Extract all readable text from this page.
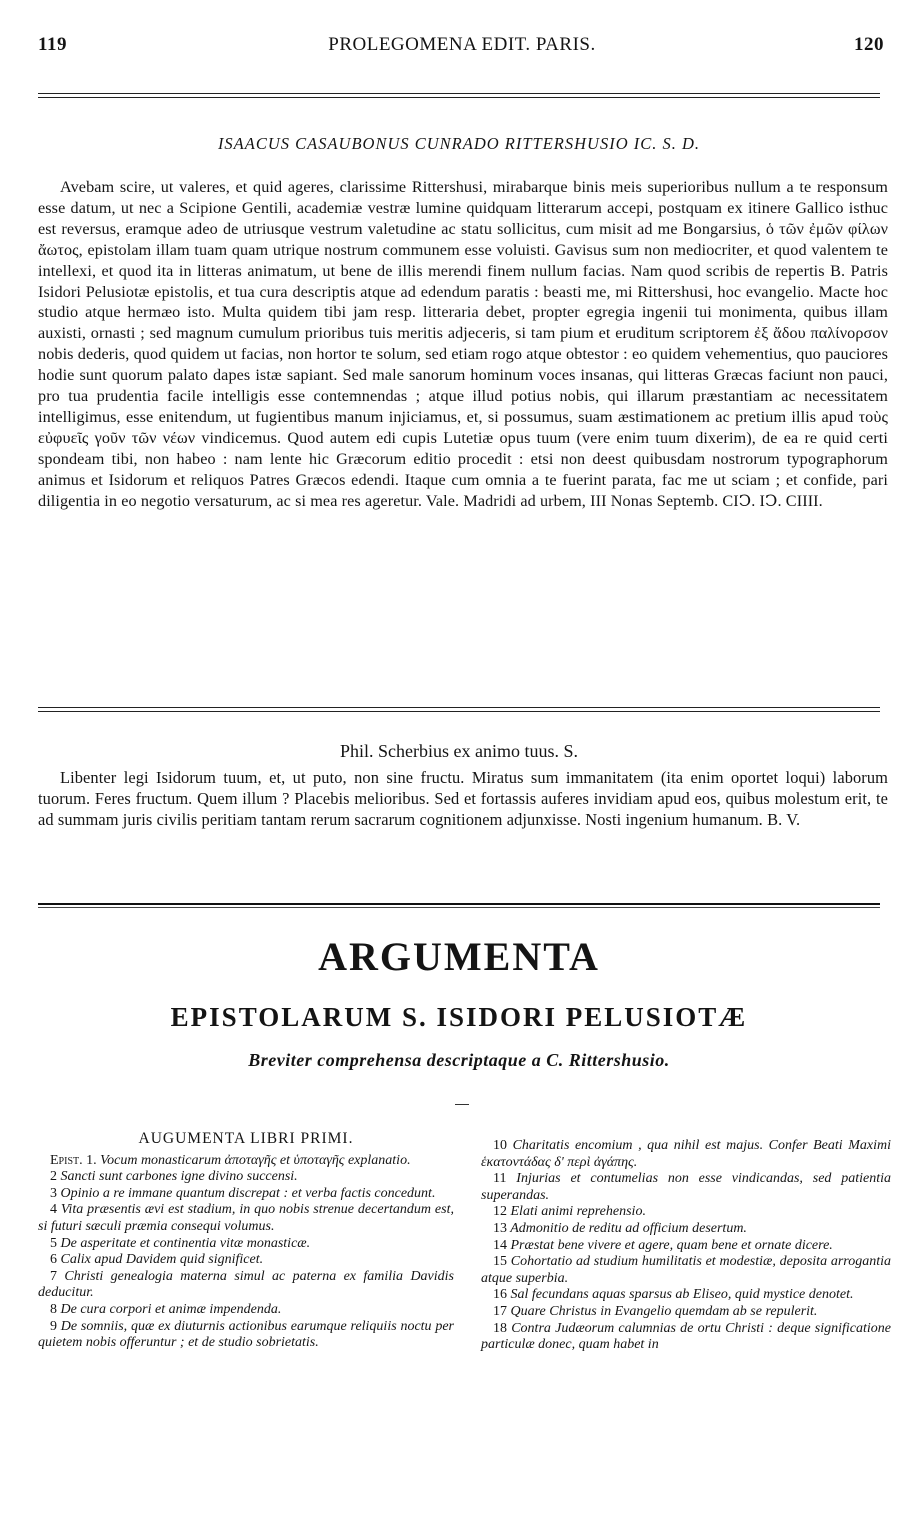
119	PROLEGOMENA EDIT. PARIS.	120
ISAACUS CASAUBONUS CUNRADO RITTERSHUSIO IC. S. D.

Avebam scire, ut valeres, et quid ageres, clarissime Rittershusi, mirabarque binis meis superioribus nullum a te responsum esse datum, ut nec a Scipione Gentili, academiæ vestræ lumine quidquam litterarum accepi, postquam ex itinere Gallico isthuc est reversus, eramque adeo de utriusque vestrum valetudine ac statu sollicitus, cum misit ad me Bongarsius, ὁ τῶν ἐμῶν φίλων ἄωτος, epistolam illam tuam quam utrique nostrum communem esse voluisti. Gavisus sum non mediocriter, et quod valentem te intellexi, et quod ita in litteras animatum, ut bene de illis merendi finem nullum facias. Nam quod scribis de repertis B. Patris Isidori Pelusiotæ epistolis, et tua cura descriptis atque ad edendum paratis : beasti me, mi Rittershusi, hoc evangelio. Macte hoc studio atque hermæo isto. Multa quidem tibi jam resp. litteraria debet, propter egregia ingenii tui monimenta, quibus illam auxisti, ornasti ; sed magnum cumulum prioribus tuis meritis adjeceris, si tam pium et eruditum scriptorem ἐξ ἄδου παλίνορσον nobis dederis, quod quidem ut facias, non hortor te solum, sed etiam rogo atque obtestor : eo quidem vehementius, quo pauciores hodie sunt quorum palato dapes istæ sapiant. Sed male sanorum hominum voces insanas, qui litteras Græcas faciunt non pauci, pro tua prudentia facile intelligis esse contemnendas ; atque illud potius nobis, qui illarum præstantiam ac necessitatem intelligimus, esse enitendum, ut fugientibus manum injiciamus, et, si possumus, suam æstimationem ac pretium illis apud τοὺς εὐφυεῖς γοῦν τῶν νέων vindicemus. Quod autem edi cupis Lutetiæ opus tuum (vere enim tuum dixerim), de ea re quid certi spondeam tibi, non habeo : nam lente hic Græcorum editio procedit : etsi non deest quibusdam nostrorum typographorum animus et Isidorum et reliquos Patres Græcos edendi. Itaque cum omnia a te fuerint parata, fac me ut sciam ; et confide, pari diligentia in eo negotio versaturum, ac si mea res ageretur. Vale. Madridi ad urbem, III Nonas Septemb. CIↃ. IↃ. CIIII.

Phil. Scherbius ex animo tuus. S.

Libenter legi Isidorum tuum, et, ut puto, non sine fructu. Miratus sum immanitatem (ita enim oportet loqui) laborum tuorum. Feres fructum. Quem illum ? Placebis melioribus. Sed et fortassis auferes invidiam apud eos, quibus molestum erit, te ad summam juris civilis peritiam tantam rerum sacrarum cognitionem adjunxisse. Nosti ingenium humanum. B. V.

ARGUMENTA
EPISTOLARUM S. ISIDORI PELUSIOTÆ
Breviter comprehensa descriptaque a C. Rittershusio.
AUGUMENTA LIBRI PRIMI.
Epist. 1. Vocum monasticarum ἀποταγῆς et ὑποταγῆς explanatio.
2 Sancti sunt carbones igne divino succensi.
3 Opinio a re immane quantum discrepat : et verba factis concedunt.
4 Vita præsentis ævi est stadium, in quo nobis strenue decertandum est, si futuri sæculi præmia consequi volumus.
5 De asperitate et continentia vitæ monasticæ.
6 Calix apud Davidem quid significet.
7 Christi genealogia materna simul ac paterna ex familia Davidis deducitur.
8 De cura corpori et animæ impendenda.
9 De somniis, quæ ex diuturnis actionibus earumque reliquiis noctu per quietem nobis offeruntur ; et de studio sobrietatis.
10 Charitatis encomium , qua nihil est majus. Confer Beati Maximi ἑκατοντάδας δ' περὶ ἀγάπης.
11 Injurias et contumelias non esse vindicandas, sed patientia superandas.
12 Elati animi reprehensio.
13 Admonitio de reditu ad officium desertum.
14 Præstat bene vivere et agere, quam bene et ornate dicere.
15 Cohortatio ad studium humilitatis et modestiæ, deposita arrogantia atque superbia.
16 Sal fecundans aquas sparsus ab Eliseo, quid mystice denotet.
17 Quare Christus in Evangelio quemdam ab se repulerit.
18 Contra Judæorum calumnias de ortu Christi : deque significatione particulæ donec, quam habet in
